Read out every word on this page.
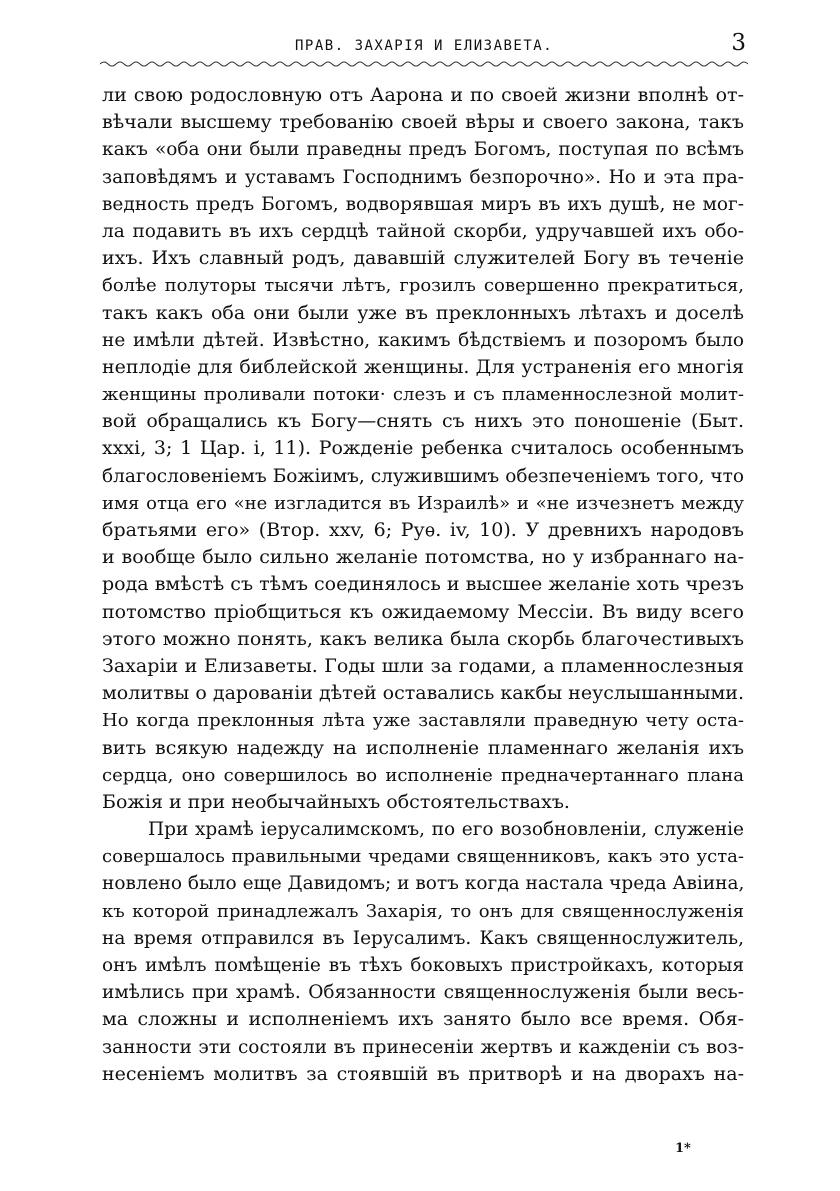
ПРАВ. ЗАХАРІЯ И ЕЛИЗАВЕТА.	3
ли свою родословную отъ Аарона и по своей жизни вполнѣ от-
вѣчали высшему требованію своей вѣры и своего закона, такъ
какъ «оба они были праведны предъ Богомъ, поступая по всѣмъ
заповѣдямъ и уставамъ Господнимъ безпорочно». Но и эта пра-
ведность предъ Богомъ, водворявшая миръ въ ихъ душѣ, не мог-
ла подавить въ ихъ сердцѣ тайной скорби, удручавшей ихъ обо-
ихъ. Ихъ славный родъ, дававшій служителей Богу въ теченіе
болѣе полуторы тысячи лѣтъ, грозилъ совершенно прекратиться,
такъ какъ оба они были уже въ преклонныхъ лѣтахъ и доселѣ
не имѣли дѣтей. Извѣстно, какимъ бѣдствіемъ и позоромъ было
неплодіе для библейской женщины. Для устраненія его многія
женщины проливали потоки· слезъ и съ пламеннослезной молит-
вой обращались къ Богу—снять съ нихъ это поношеніе (Быт.
xxxi, 3; 1 Цар. i, 11). Рожденіе ребенка считалось особеннымъ
благословеніемъ Божіимъ, служившимъ обезпеченіемъ того, что
имя отца его «не изгладится въ Израилѣ» и «не изчезнетъ между
братьями его» (Втор. xxv, 6; Руѳ. iv, 10). У древнихъ народовъ
и вообще было сильно желаніе потомства, но у избраннаго на-
рода вмѣстѣ съ тѣмъ соединялось и высшее желаніе хоть чрезъ
потомство пріобщиться къ ожидаемому Мессіи. Въ виду всего
этого можно понять, какъ велика была скорбь благочестивыхъ
Захаріи и Елизаветы. Годы шли за годами, а пламеннослезныя
молитвы о дарованіи дѣтей оставались какбы неуслышанными.
Но когда преклонныя лѣта уже заставляли праведную чету оста-
вить всякую надежду на исполненіе пламеннаго желанія ихъ
сердца, оно совершилось во исполненіе предначертаннаго плана
Божія и при необычайныхъ обстоятельствахъ.
При храмѣ іерусалимскомъ, по его возобновленіи, служеніе
совершалось правильными чредами священниковъ, какъ это уста-
новлено было еще Давидомъ; и вотъ когда настала чреда Авіина,
къ которой принадлежалъ Захарія, то онъ для священнослуженія
на время отправился въ Іерусалимъ. Какъ священнослужитель,
онъ имѣлъ помѣщеніе въ тѣхъ боковыхъ пристройкахъ, которыя
имѣлись при храмѣ. Обязанности священнослуженія были весь-
ма сложны и исполненіемъ ихъ занято было все время. Обя-
занности эти состояли въ принесеніи жертвъ и кажденіи съ воз-
несеніемъ молитвъ за стоявшій въ притворѣ и на дворахъ на-
1*
